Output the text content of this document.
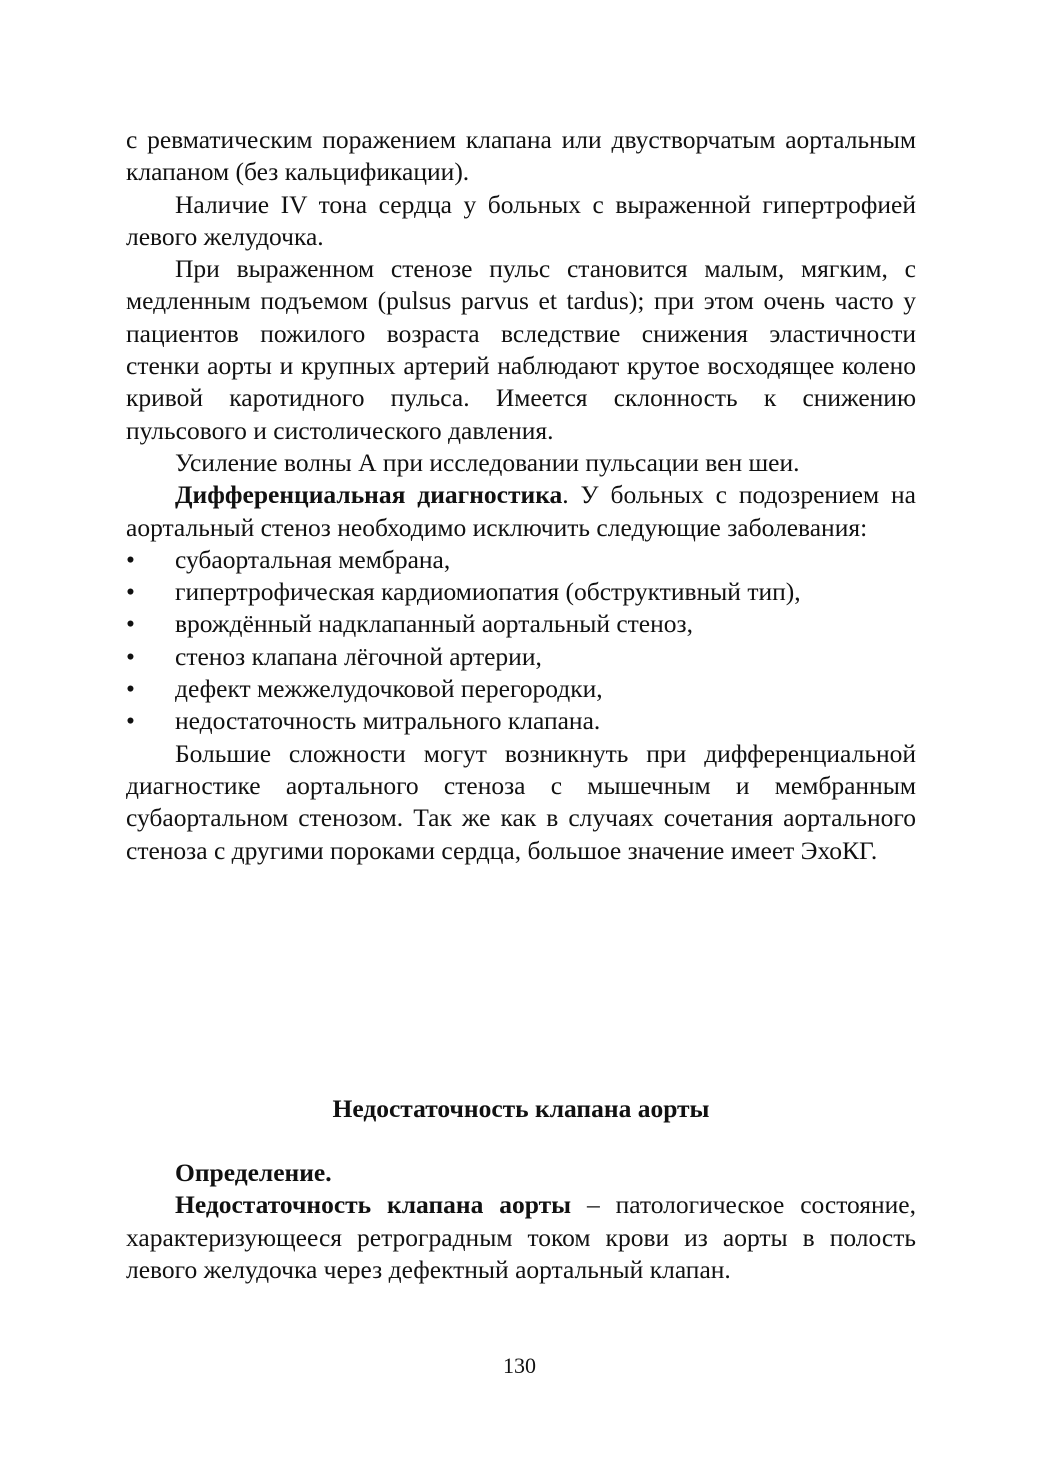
с ревматическим поражением клапана или двустворчатым аортальным клапаном (без кальцификации).

Наличие IV тона сердца у больных с выраженной гипертрофией левого желудочка.

При выраженном стенозе пульс становится малым, мягким, с медленным подъемом (pulsus parvus et tardus); при этом очень часто у пациентов пожилого возраста вследствие снижения эластичности стенки аорты и крупных артерий наблюдают крутое восходящее колено кривой каротидного пульса. Имеется склонность к снижению пульсового и систолического давления.

Усиление волны А при исследовании пульсации вен шеи.

Дифференциальная диагностика. У больных с подозрением на аортальный стеноз необходимо исключить следующие заболевания:

• субаортальная мембрана,
• гипертрофическая кардиомиопатия (обструктивный тип),
• врождённый надклапанный аортальный стеноз,
• стеноз клапана лёгочной артерии,
• дефект межжелудочковой перегородки,
• недостаточность митрального клапана.

Большие сложности могут возникнуть при дифференциальной диагностике аортального стеноза с мышечным и мембранным субаортальном стенозом. Так же как в случаях сочетания аортального стеноза с другими пороками сердца, большое значение имеет ЭхоКГ.

Недостаточность клапана аорты

Определение.

Недостаточность клапана аорты – патологическое состояние, характеризующееся ретроградным током крови из аорты в полость левого желудочка через дефектный аортальный клапан.

130
